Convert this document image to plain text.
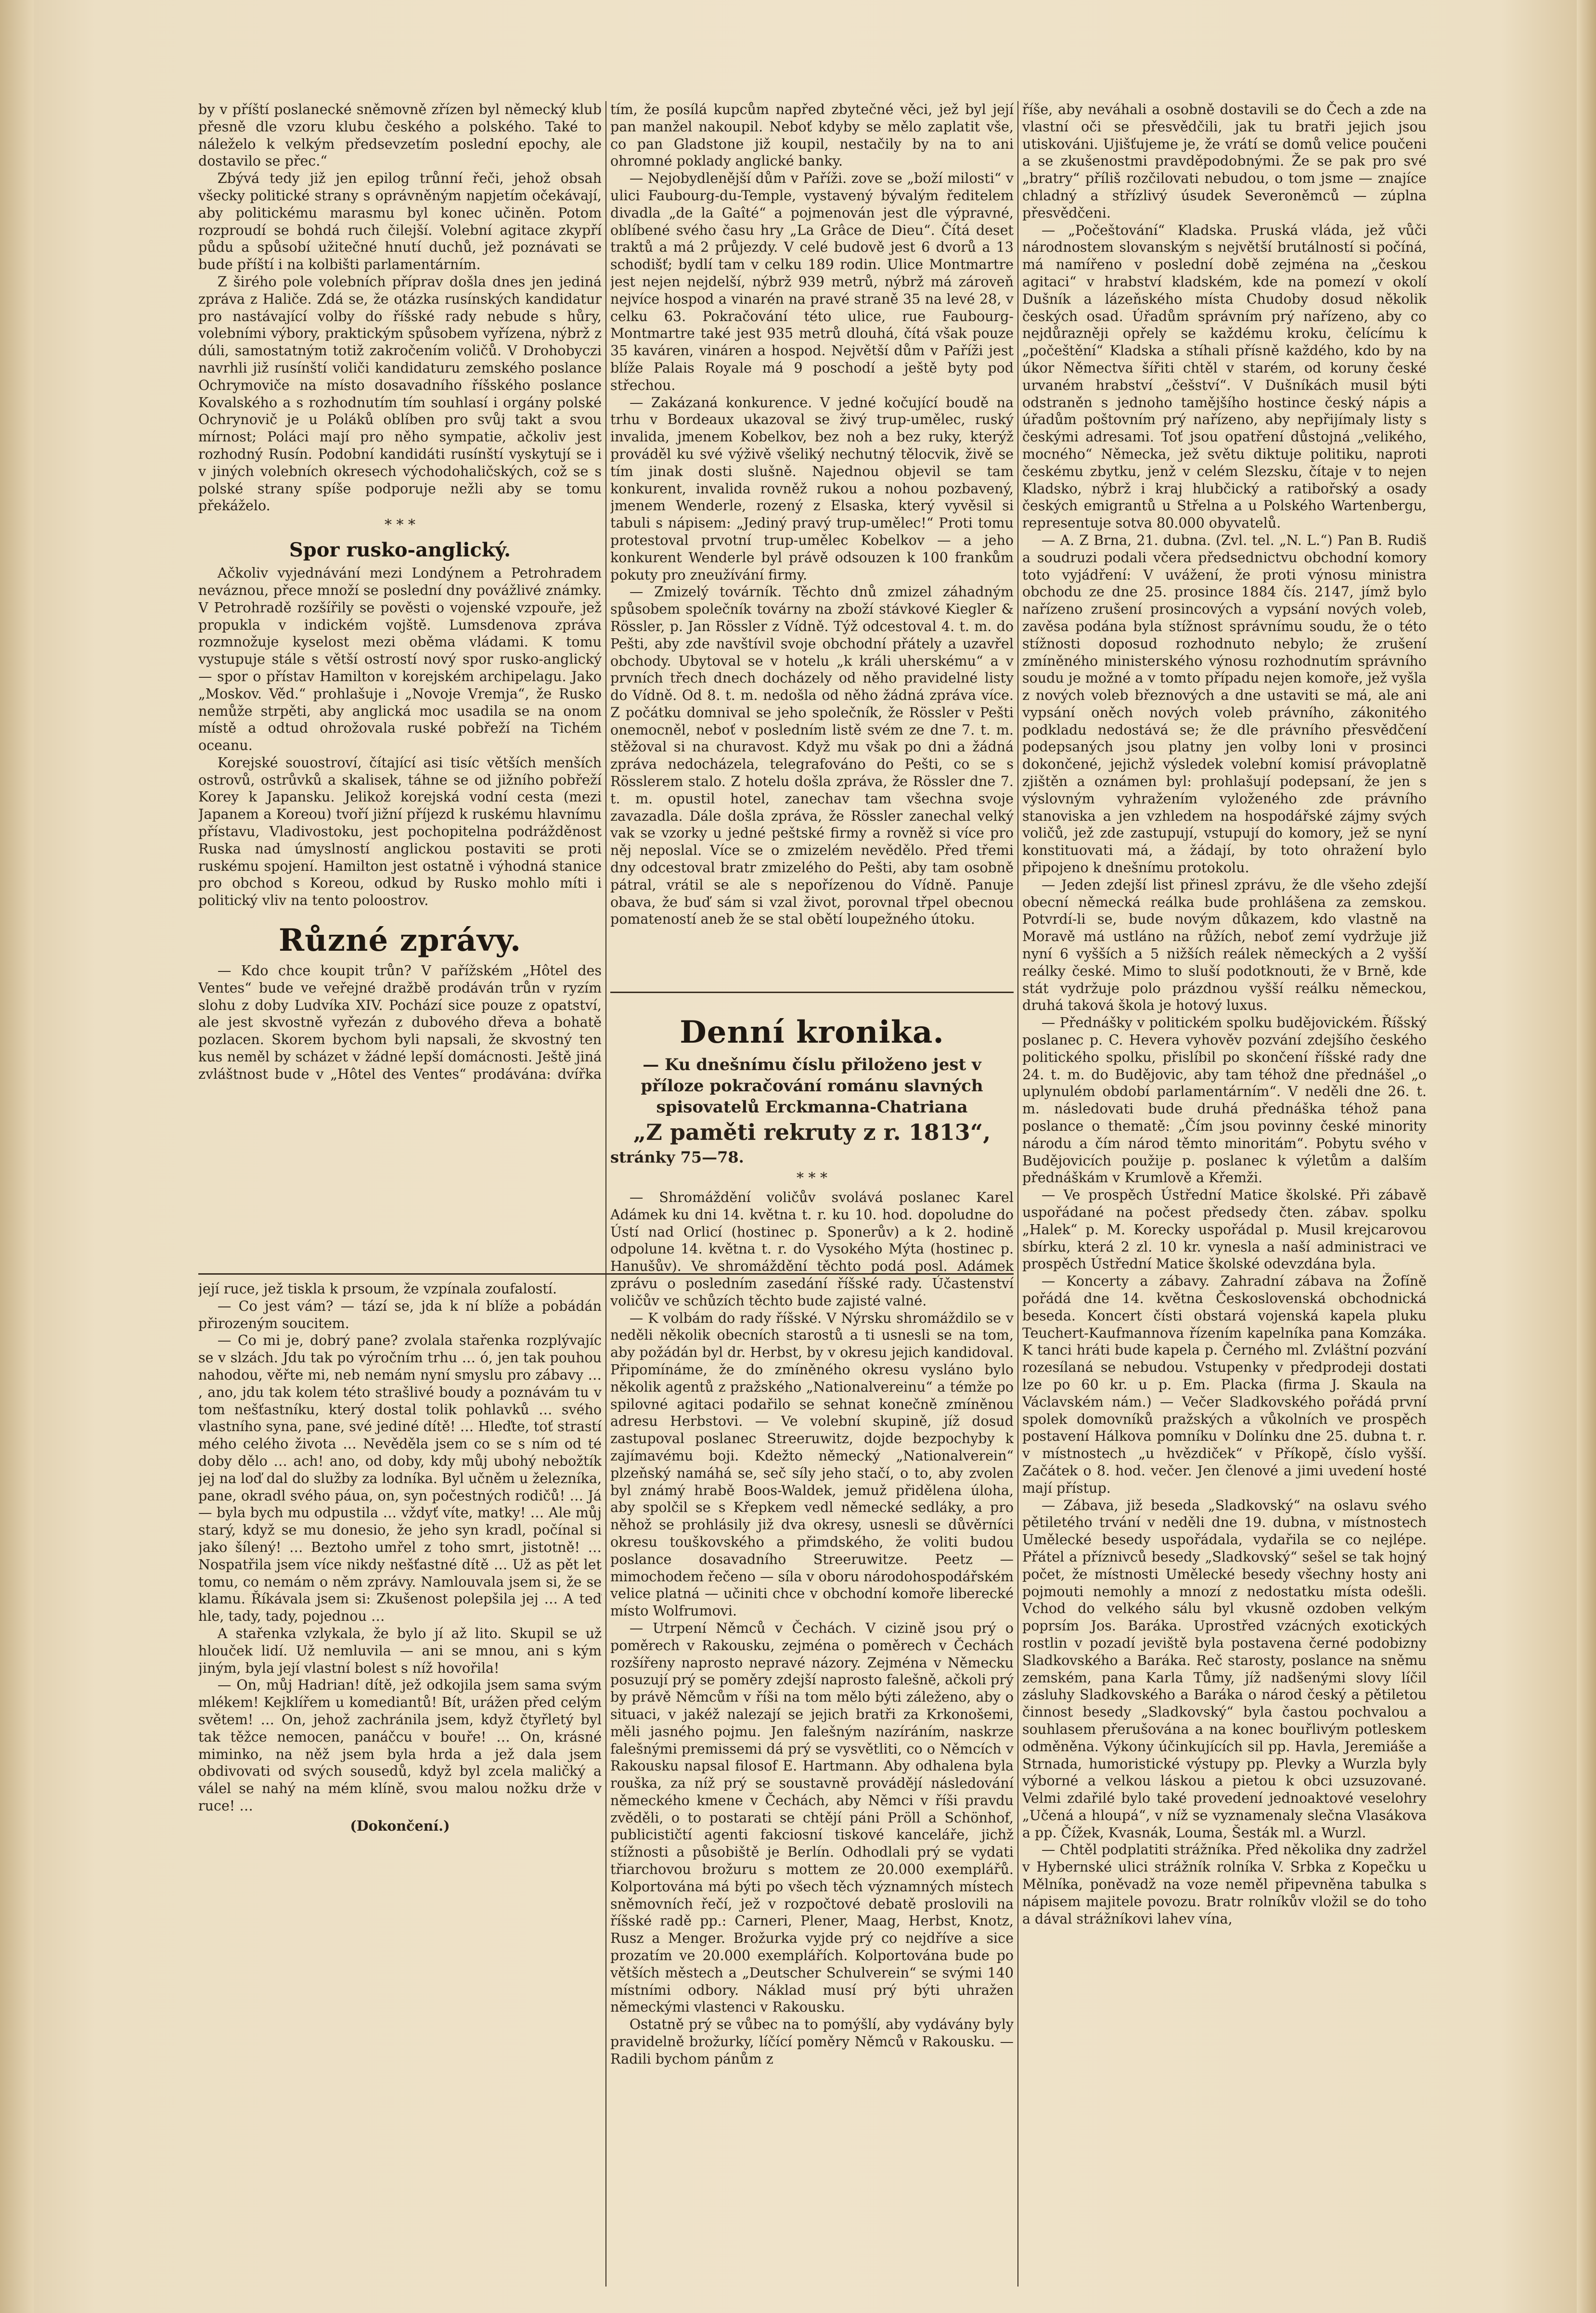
by v příští poslanecké sněmovně zřízen byl německý klub přesně dle vzoru klubu českého a polského. Také to náleželo k velkým předsevzetím poslední epochy, ale dostavilo se přec.“

Zbývá tedy již jen epilog trůnní řeči, jehož obsah všecky politické strany s oprávněným napjetím očekávají, aby politickému marasmu byl konec učiněn. Potom rozproudí se bohdá ruch čilejší. Volební agitace zkypří půdu a spůsobí užitečné hnutí duchů, jež poznávati se bude příští i na kolbišti parlamentárním.

Z širého pole volebních příprav došla dnes jen jediná zpráva z Haliče. Zdá se, že otázka rusínských kandidatur pro nastávající volby do říšské rady nebude s hůry, volebními výbory, praktickým spůsobem vyřízena, nýbrž z dúli, samostatným totiž zakročením voličů. V Drohobyczi navrhli již rusínští voliči kandidaturu zemského poslance Ochrymoviče na místo dosavadního říšského poslance Kovalského a s rozhodnutím tím souhlasí i orgány polské Ochrynovič je u Poláků oblíben pro svůj takt a svou mírnost; Poláci mají pro něho sympatie, ačkoliv jest rozhodný Rusín. Podobní kandidáti rusínští vyskytují se i v jiných volebních okresech východohaličských, což se s polské strany spíše podporuje nežli aby se tomu překáželo.

* * *
Spor rusko-anglický.

Ačkoliv vyjednávání mezi Londýnem a Petrohradem neváznou, přece množí se poslední dny povážlivé známky. V Petrohradě rozšířily se pověsti o vojenské vzpouře, jež propukla v indickém vojště. Lumsdenova zpráva rozmnožuje kyselost mezi oběma vládami. K tomu vystupuje stále s větší ostrostí nový spor rusko-anglický — spor o přístav Hamilton v korejském archipelagu. Jako „Moskov. Věd.“ prohlašuje i „Novoje Vremja“, že Rusko nemůže strpěti, aby anglická moc usadila se na onom místě a odtud ohrožovala ruské pobřeží na Tichém oceanu.

Korejské souostroví, čítající asi tisíc větších menších ostrovů, ostrůvků a skalisek, táhne se od jižního pobřeží Korey k Japansku. Jelikož korejská vodní cesta (mezi Japanem a Koreou) tvoří jižní příjezd k ruskému hlavnímu přístavu, Vladivostoku, jest pochopitelna podrážděnost Ruska nad úmyslností anglickou postaviti se proti ruskému spojení. Hamilton jest ostatně i výhodná stanice pro obchod s Koreou, odkud by Rusko mohlo míti i politický vliv na tento poloostrov.

Různé zprávy.

— Kdo chce koupit trůn? V pařížském „Hôtel des Ventes“ bude ve veřejné dražbě prodáván trůn v ryzím slohu z doby Ludvíka XIV. Pochází sice pouze z opatství, ale jest skvostně vyřezán z dubového dřeva a bohatě pozlacen. Skorem bychom byli napsali, že skvostný ten kus neměl by scházet v žádné lepší domácnosti. Ještě jiná zvláštnost bude v „Hôtel des Ventes“ prodávána: dvířka

její ruce, jež tiskla k prsoum, že vzpínala zoufalostí.

— Co jest vám? — tází se, jda k ní blíže a pobádán přirozeným soucitem.

— Co mi je, dobrý pane? zvolala stařenka rozplývajíc se v slzách. Jdu tak po výročním trhu … ó, jen tak pouhou nahodou, věřte mi, neb nemám nyní smyslu pro zábavy … , ano, jdu tak kolem této strašlivé boudy a poznávám tu v tom nešťastníku, který dostal tolik pohlavků … svého vlastního syna, pane, své jediné dítě! … Hleďte, toť strastí mého celého života … Nevěděla jsem co se s ním od té doby dělo … ach! ano, od doby, kdy můj ubohý nebožtík jej na loď dal do služby za lodníka. Byl učněm u železníka, pane, okradl svého páua, on, syn počestných rodičů! … Já — byla bych mu odpustila … vždyť víte, matky! … Ale můj starý, když se mu donesio, že jeho syn kradl, počínal si jako šílený! … Beztoho umřel z toho smrt, jistotně! … Nospatřila jsem více nikdy nešťastné dítě … Už as pět let tomu, co nemám o něm zprávy. Namlouvala jsem si, že se klamu. Říkávala jsem si: Zkušenost polepšila jej … A teď hle, tady, tady, pojednou …

A stařenka vzlykala, že bylo jí až lito. Skupil se už hlouček lidí. Už nemluvila — ani se mnou, ani s kým jiným, byla její vlastní bolest s níž hovořila!

— On, můj Hadrian! dítě, jež odkojila jsem sama svým mlékem! Kejklířem u komediantů! Bít, urážen před celým světem! … On, jehož zachránila jsem, když čtyřletý byl tak těžce nemocen, panáčcu v bouře! … On, krásné miminko, na něž jsem byla hrda a jež dala jsem obdivovati od svých sousedů, když byl zcela maličký a válel se nahý na mém klíně, svou malou nožku drže v ruce! …

(Dokončení.)

tím, že posílá kupcům napřed zbytečné věci, jež byl její pan manžel nakoupil. Neboť kdyby se mělo zaplatit vše, co pan Gladstone již koupil, nestačily by na to ani ohromné poklady anglické banky.

— Nejobydlenější dům v Paříži. zove se „boží milosti“ v ulici Faubourg-du-Temple, vystavený bývalým ředitelem divadla „de la Gaîté“ a pojmenován jest dle výpravné, oblíbené svého času hry „La Grâce de Dieu“. Čítá deset traktů a má 2 průjezdy. V celé budově jest 6 dvorů a 13 schodišť; bydlí tam v celku 189 rodin. Ulice Montmartre jest nejen nejdelší, nýbrž 939 metrů, nýbrž má zároveň nejvíce hospod a vinarén na pravé straně 35 na levé 28, v celku 63. Pokračování této ulice, rue Faubourg-Montmartre také jest 935 metrů dlouhá, čítá však pouze 35 kaváren, vináren a hospod. Největší dům v Paříži jest blíže Palais Royale má 9 poschodí a ještě byty pod střechou.

— Zakázaná konkurence. V jedné kočující boudě na trhu v Bordeaux ukazoval se živý trup-umělec, ruský invalida, jmenem Kobelkov, bez noh a bez ruky, kterýž prováděl ku své výživě všeliký nechutný tělocvik, živě se tím jinak dosti slušně. Najednou objevil se tam konkurent, invalida rovněž rukou a nohou pozbavený, jmenem Wenderle, rozený z Elsaska, který vyvěsil si tabuli s nápisem: „Jediný pravý trup-umělec!“ Proti tomu protestoval prvotní trup-umělec Kobelkov — a jeho konkurent Wenderle byl právě odsouzen k 100 frankům pokuty pro zneužívání firmy.

— Zmizelý továrník. Těchto dnů zmizel záhadným spůsobem společník továrny na zboží stávkové Kiegler & Rössler, p. Jan Rössler z Vídně. Týž odcestoval 4. t. m. do Pešti, aby zde navštívil svoje obchodní přátely a uzavřel obchody. Ubytoval se v hotelu „k králi uherskému“ a v prvních třech dnech docházely od něho pravidelné listy do Vídně. Od 8. t. m. nedošla od něho žádná zpráva více. Z počátku domnival se jeho společník, že Rössler v Pešti onemocněl, neboť v posledním listě svém ze dne 7. t. m. stěžoval si na churavost. Když mu však po dni a žádná zpráva nedocházela, telegrafováno do Pešti, co se s Rösslerem stalo. Z hotelu došla zpráva, že Rössler dne 7. t. m. opustil hotel, zanechav tam všechna svoje zavazadla. Dále došla zpráva, že Rössler zanechal velký vak se vzorky u jedné peštské firmy a rovněž si více pro něj neposlal. Více se o zmizelém nevědělo. Před třemi dny odcestoval bratr zmizelého do Pešti, aby tam osobně pátral, vrátil se ale s nepořízenou do Vídně. Panuje obava, že buď sám si vzal život, porovnal třpel obecnou pomateností aneb že se stal obětí loupežného útoku.

Denní kronika.
— Ku dnešnímu číslu přiloženo jest v příloze pokračování románu slavných spisovatelů Erckmanna-Chatriana
„Z paměti rekruty z r. 1813“,
stránky 75—78.
* * *

— Shromáždění voličův svolává poslanec Karel Adámek ku dni 14. května t. r. ku 10. hod. dopoludne do Ústí nad Orlicí (hostinec p. Sponerův) a k 2. hodině odpolune 14. května t. r. do Vysokého Mýta (hostinec p. Hanušův). Ve shromáždění těchto podá posl. Adámek zprávu o posledním zasedání říšské rady. Účastenství voličův ve schůzích těchto bude zajisté valné.

— K volbám do rady říšské. V Nýrsku shromáždilo se v neděli několik obecních starostů a ti usnesli se na tom, aby požádán byl dr. Herbst, by v okresu jejich kandidoval. Připomínáme, že do zmíněného okresu vysláno bylo několik agentů z pražského „Nationalvereinu“ a témže po spilovné agitaci podařilo se sehnat konečně zmíněnou adresu Herbstovi. — Ve volební skupině, jíž dosud zastupoval poslanec Streeruwitz, dojde bezpochyby k zajímavému boji. Kdežto německý „Nationalverein“ plzeňský namáhá se, seč síly jeho stačí, o to, aby zvolen byl známý hrabě Boos-Waldek, jemuž přidělena úloha, aby spolčil se s Křepkem vedl německé sedláky, a pro něhož se prohlásily již dva okresy, usnesli se důvěrníci okresu touškovského a přimdského, že voliti budou poslance dosavadního Streeruwitze. Peetz — mimochodem řečeno — síla v oboru národohospodářském velice platná — učiniti chce v obchodní komoře liberecké místo Wolfrumovi.

— Utrpení Němců v Čechách. V cizině jsou prý o poměrech v Rakousku, zejména o poměrech v Čechách rozšířeny naprosto nepravé názory. Zejména v Německu posuzují prý se poměry zdejší naprosto falešně, ačkoli prý by právě Němcům v říši na tom mělo býti záleženo, aby o situaci, v jakéž nalezají se jejich bratři za Krkonošemi, měli jasného pojmu. Jen falešným nazíráním, naskrze falešnými premissemi dá prý se vysvětliti, co o Němcích v Rakousku napsal filosof E. Hartmann. Aby odhalena byla rouška, za níž prý se soustavně provádějí následování německého kmene v Čechách, aby Němci v říši pravdu zvěděli, o to postarati se chtějí páni Pröll a Schönhof, publicističtí agenti fakciosní tiskové kanceláře, jichž stížnosti a působiště je Berlín. Odhodlali prý se vydati třiarchovou brožuru s mottem ze 20.000 exemplářů. Kolportována má býti po všech těch významných místech sněmovních řečí, jež v rozpočtové debatě proslovili na říšské radě pp.: Carneri, Plener, Maag, Herbst, Knotz, Rusz a Menger. Brožurka vyjde prý co nejdříve a sice prozatím ve 20.000 exemplářích. Kolportována bude po větších městech a „Deutscher Schulverein“ se svými 140 místními odbory. Náklad musí prý býti uhražen německými vlastenci v Rakousku.

Ostatně prý se vůbec na to pomýšlí, aby vydávány byly pravidelně brožurky, líčící poměry Němců v Rakousku. — Radili bychom pánům z

říše, aby neváhali a osobně dostavili se do Čech a zde na vlastní oči se přesvědčili, jak tu bratři jejich jsou utiskováni. Ujišťujeme je, že vrátí se domů velice poučeni a se zkušenostmi pravděpodobnými. Že se pak pro své „bratry“ příliš rozčilovati nebudou, o tom jsme — znajíce chladný a střízlivý úsudek Severoněmců — zúplna přesvědčeni.

— „Počeštování“ Kladska. Pruská vláda, jež vůči národnostem slovanským s největší brutálností si počíná, má namířeno v poslední době zejména na „českou agitaci“ v hrabství kladském, kde na pomezí v okolí Dušník a lázeňského místa Chudoby dosud několik českých osad. Úřadům správním prý nařízeno, aby co nejdůrazněji opřely se každému kroku, čelícímu k „počeštění“ Kladska a stíhali přísně každého, kdo by na úkor Němectva šířiti chtěl v starém, od koruny české urvaném hrabství „češství“. V Dušníkách musil býti odstraněn s jednoho tamějšího hostince český nápis a úřadům poštovním prý nařízeno, aby nepřijímaly listy s českými adresami. Toť jsou opatření důstojná „velikého, mocného“ Německa, jež světu diktuje politiku, naproti českému zbytku, jenž v celém Slezsku, čítaje v to nejen Kladsko, nýbrž i kraj hlubčický a ratibořský a osady českých emigrantů u Střelna a u Polského Wartenbergu, representuje sotva 80.000 obyvatelů.

— A. Z Brna, 21. dubna. (Zvl. tel. „N. L.“) Pan B. Rudiš a soudruzi podali včera předsednictvu obchodní komory toto vyjádření: V uvážení, že proti výnosu ministra obchodu ze dne 25. prosince 1884 čís. 2147, jímž bylo nařízeno zrušení prosincových a vypsání nových voleb, zavěsa podána byla stížnost správnímu soudu, že o této stížnosti doposud rozhodnuto nebylo; že zrušení zmíněného ministerského výnosu rozhodnutím správního soudu je možné a v tomto případu nejen komoře, jež vyšla z nových voleb březnových a dne ustaviti se má, ale ani vypsání oněch nových voleb právního, zákonitého podkladu nedostává se; že dle právního přesvědčení podepsaných jsou platny jen volby loni v prosinci dokončené, jejichž výsledek volební komisí právoplatně zjištěn a oznámen byl: prohlašují podepsaní, že jen s výslovným vyhražením vyloženého zde právního stanoviska a jen vzhledem na hospodářské zájmy svých voličů, jež zde zastupují, vstupují do komory, jež se nyní konstituovati má, a žádají, by toto ohražení bylo připojeno k dnešnímu protokolu.

— Jeden zdejší list přinesl zprávu, že dle všeho zdejší obecní německá reálka bude prohlášena za zemskou. Potvrdí-li se, bude novým důkazem, kdo vlastně na Moravě má ustláno na růžích, neboť zemí vydržuje již nyní 6 vyšších a 5 nižších reálek německých a 2 vyšší reálky české. Mimo to sluší podotknouti, že v Brně, kde stát vydržuje polo prázdnou vyšší reálku německou, druhá taková škola je hotový luxus.

— Přednášky v politickém spolku budějovickém. Říšský poslanec p. C. Hevera vyhověv pozvání zdejšího českého politického spolku, přislíbil po skončení říšské rady dne 24. t. m. do Budějovic, aby tam téhož dne přednášel „o uplynulém období parlamentárním“. V neděli dne 26. t. m. následovati bude druhá přednáška téhož pana poslance o thematě: „Čím jsou povinny české minority národu a čím národ těmto minoritám“. Pobytu svého v Budějovicích použije p. poslanec k výletům a dalším přednáškám v Krumlově a Křemži.

— Ve prospěch Ústřední Matice školské. Při zábavě uspořádané na počest předsedy čten. zábav. spolku „Halek“ p. M. Korecky uspořádal p. Musil krejcarovou sbírku, která 2 zl. 10 kr. vynesla a naší administraci ve prospěch Ústřední Matice školské odevzdána byla.

— Koncerty a zábavy. Zahradní zábava na Žofíně pořádá dne 14. května Československá obchodnická beseda. Koncert čísti obstará vojenská kapela pluku Teuchert-Kaufmannova řízením kapelníka pana Komzáka. K tanci hráti bude kapela p. Černého ml. Zvláštní pozvání rozesílaná se nebudou. Vstupenky v předprodeji dostati lze po 60 kr. u p. Em. Placka (firma J. Skaula na Václavském nám.) — Večer Sladkovského pořádá první spolek domovníků pražských a vůkolních ve prospěch postavení Hálkova pomníku v Dolínku dne 25. dubna t. r. v místnostech „u hvězdiček“ v Příkopě, číslo vyšší. Začátek o 8. hod. večer. Jen členové a jimi uvedení hosté mají přístup.

— Zábava, již beseda „Sladkovský“ na oslavu svého pětiletého trvání v neděli dne 19. dubna, v místnostech Umělecké besedy uspořádala, vydařila se co nejlépe. Přátel a příznivců besedy „Sladkovský“ sešel se tak hojný počet, že místnosti Umělecké besedy všechny hosty ani pojmouti nemohly a mnozí z nedostatku místa odešli. Vchod do velkého sálu byl vkusně ozdoben velkým poprsím Jos. Baráka. Uprostřed vzácných exotických rostlin v pozadí jeviště byla postavena černé podobizny Sladkovského a Baráka. Reč starosty, poslance na sněmu zemském, pana Karla Tůmy, jíž nadšenými slovy líčil zásluhy Sladkovského a Baráka o národ český a pětiletou činnost besedy „Sladkovský“ byla častou pochvalou a souhlasem přerušována a na konec bouřlivým potleskem odměněna. Výkony účinkujících sil pp. Havla, Jeremiáše a Strnada, humoristické výstupy pp. Plevky a Wurzla byly výborné a velkou láskou a pietou k obci uzsuzované. Velmi zdařilé bylo také provedení jednoaktové veselohry „Učená a hloupá“, v níž se vyznamenaly slečna Vlasákova a pp. Čížek, Kvasnák, Louma, Šesták ml. a Wurzl.

— Chtěl podplatiti strážníka. Před několika dny zadržel v Hybernské ulici strážník rolníka V. Srbka z Kopečku u Mělníka, poněvadž na voze neměl připevněna tabulka s nápisem majitele povozu. Bratr rolníkův vložil se do toho a dával strážníkovi lahev vína,
